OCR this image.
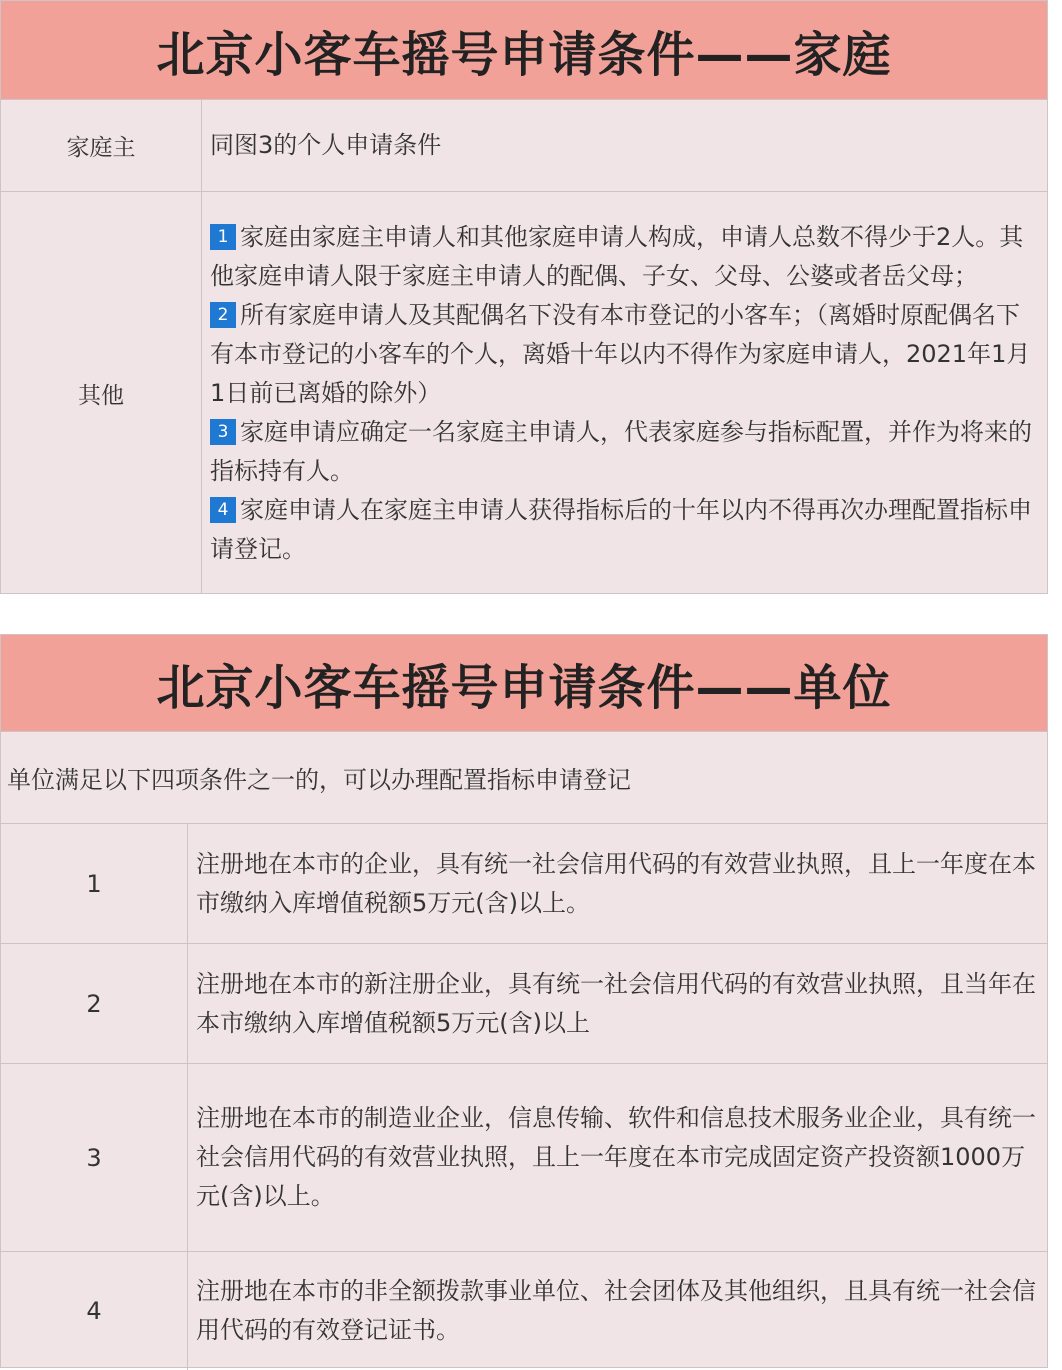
北京小客车摇号申请条件——家庭
家庭主	同图3的个人申请条件
其他
1 家庭由家庭主申请人和其他家庭申请人构成，申请人总数不得少于2人。其他家庭申请人限于家庭主申请人的配偶、子女、父母、公婆或者岳父母；
2 所有家庭申请人及其配偶名下没有本市登记的小客车；（离婚时原配偶名下有本市登记的小客车的个人，离婚十年以内不得作为家庭申请人，2021年1月1日前已离婚的除外）
3 家庭申请应确定一名家庭主申请人，代表家庭参与指标配置，并作为将来的指标持有人。
4 家庭申请人在家庭主申请人获得指标后的十年以内不得再次办理配置指标申请登记。
北京小客车摇号申请条件——单位
单位满足以下四项条件之一的，可以办理配置指标申请登记
1
注册地在本市的企业，具有统一社会信用代码的有效营业执照，且上一年度在本市缴纳入库增值税额5万元(含)以上。
2
注册地在本市的新注册企业，具有统一社会信用代码的有效营业执照，且当年在本市缴纳入库增值税额5万元(含)以上
3
注册地在本市的制造业企业，信息传输、软件和信息技术服务业企业，具有统一社会信用代码的有效营业执照，且上一年度在本市完成固定资产投资额1000万元(含)以上。
4
注册地在本市的非全额拨款事业单位、社会团体及其他组织，且具有统一社会信用代码的有效登记证书。
